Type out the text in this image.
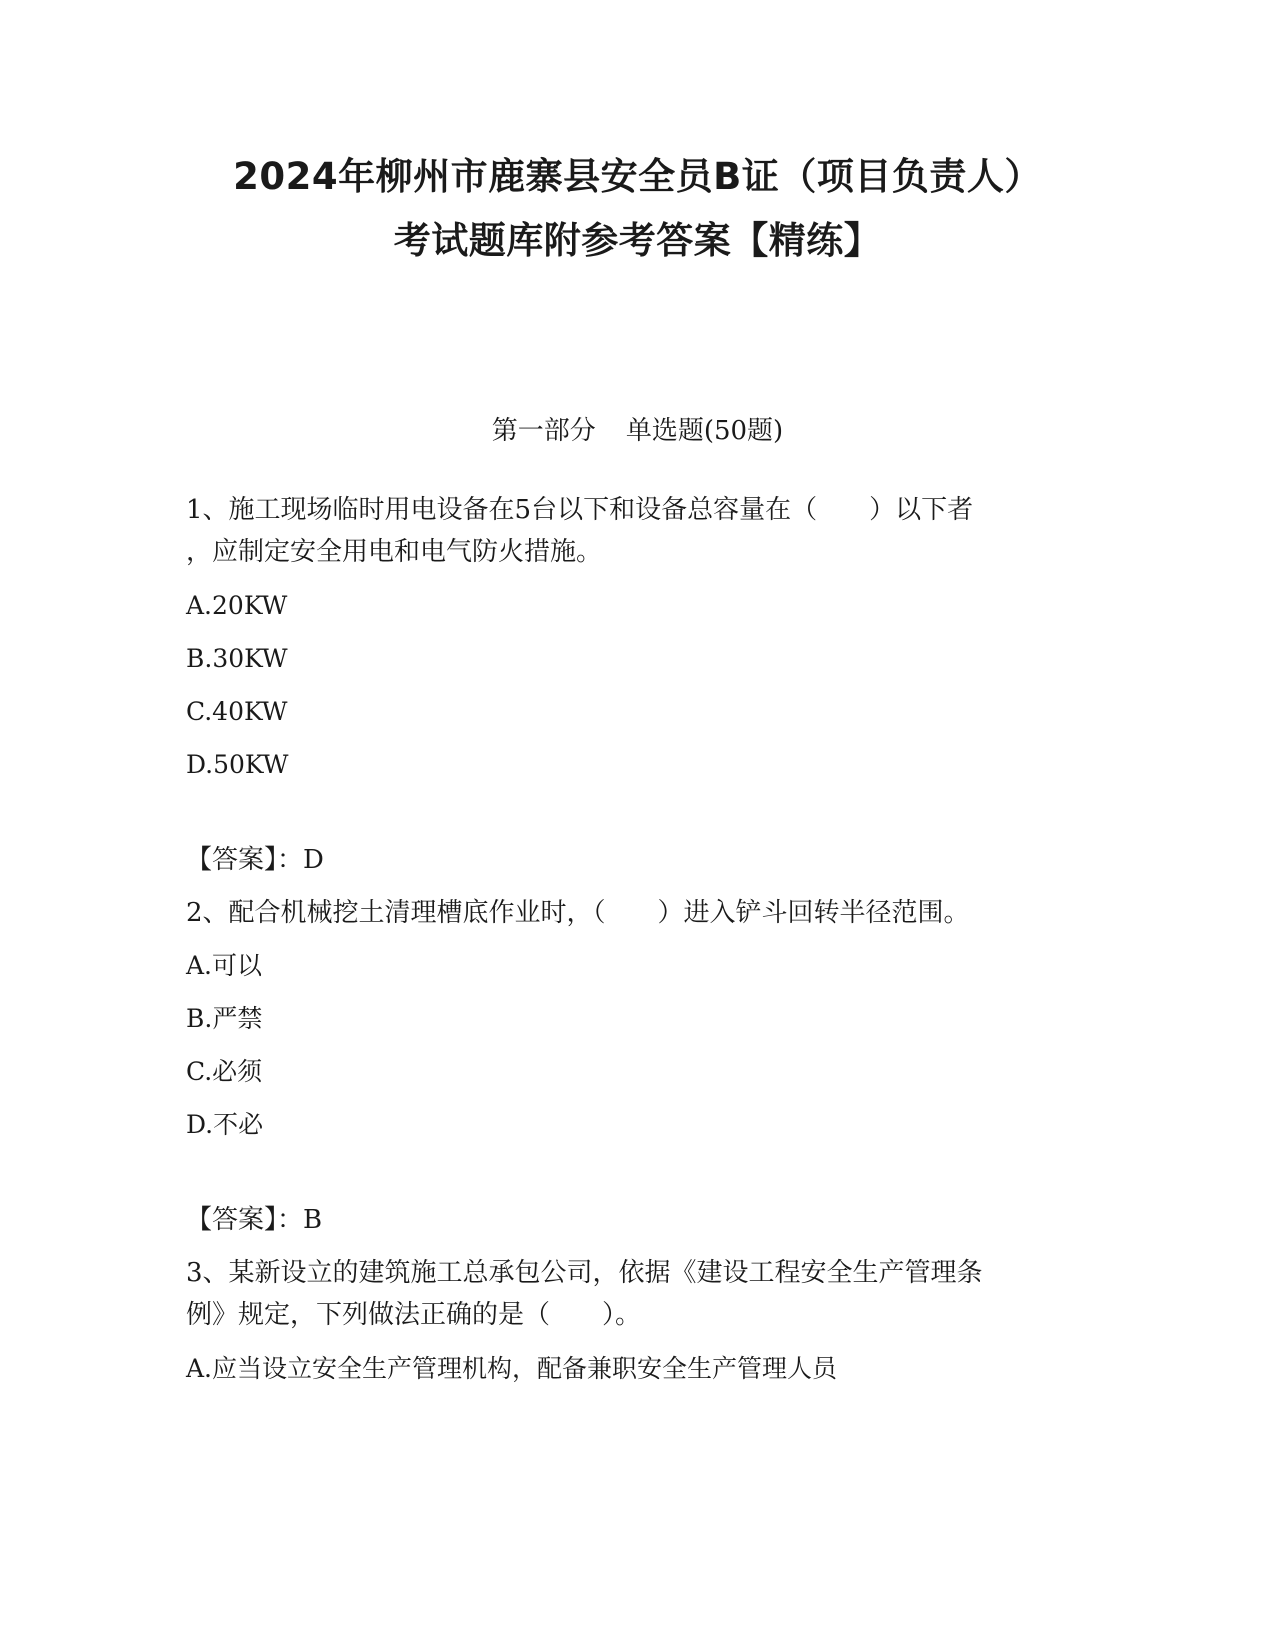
2024年柳州市鹿寨县安全员B证（项目负责人）
考试题库附参考答案【精练】
第一部分 单选题(50题)
1、施工现场临时用电设备在5台以下和设备总容量在（　　）以下者
，应制定安全用电和电气防火措施。
A.20KW
B.30KW
C.40KW
D.50KW
【答案】：D
2、配合机械挖土清理槽底作业时，（　　）进入铲斗回转半径范围。
A.可以
B.严禁
C.必须
D.不必
【答案】：B
3、某新设立的建筑施工总承包公司，依据《建设工程安全生产管理条
例》规定，下列做法正确的是（　　）。
A.应当设立安全生产管理机构，配备兼职安全生产管理人员
